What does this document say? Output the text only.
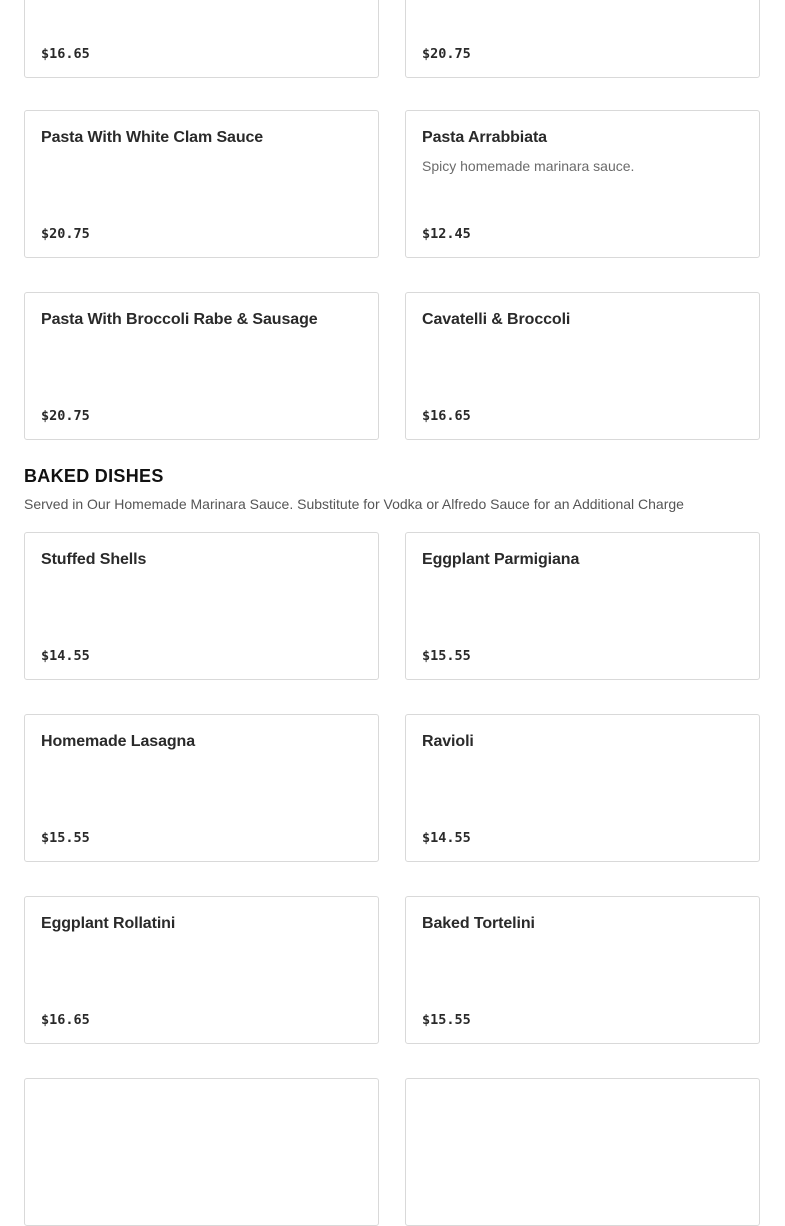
$16.65	$20.75
Pasta With White Clam Sauce
$20.75
Pasta Arrabbiata
Spicy homemade marinara sauce.
$12.45
Pasta With Broccoli Rabe & Sausage
$20.75
Cavatelli & Broccoli
$16.65
BAKED DISHES

Served in Our Homemade Marinara Sauce. Substitute for Vodka or Alfredo Sauce for an Additional Charge

Stuffed Shells
$14.55
Eggplant Parmigiana
$15.55
Homemade Lasagna
$15.55
Ravioli
$14.55
Eggplant Rollatini
$16.65
Baked Tortelini
$15.55
